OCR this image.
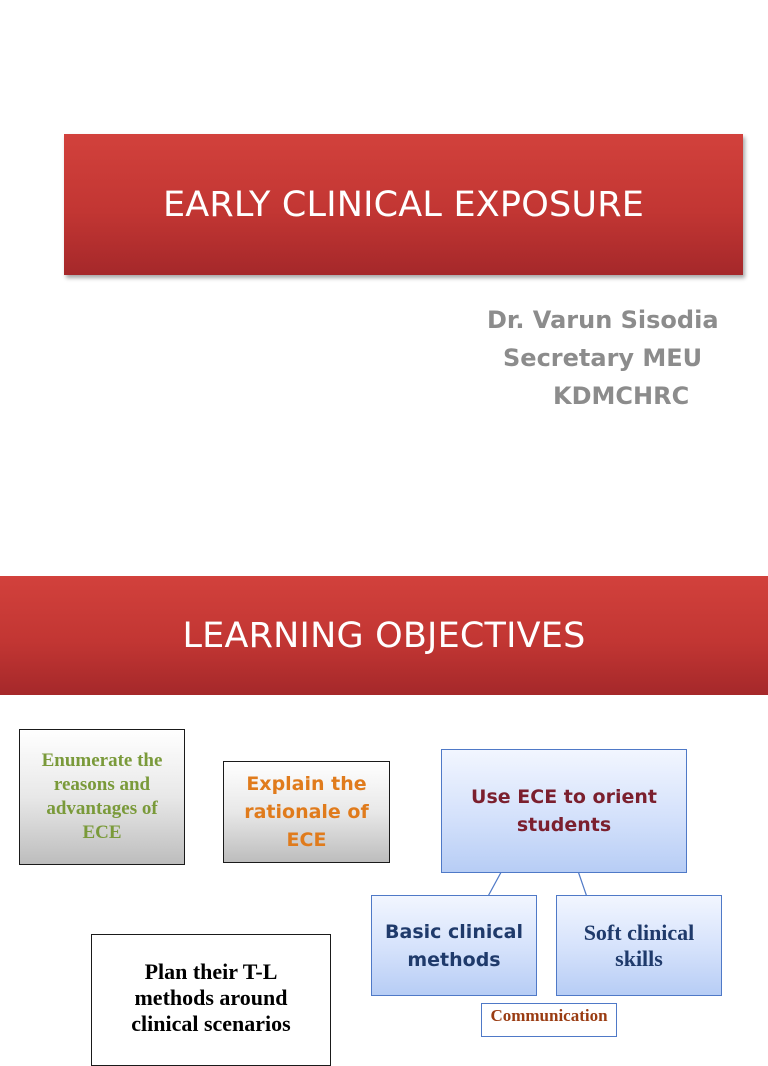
EARLY CLINICAL EXPOSURE
Dr. Varun Sisodia
Secretary MEU
KDMCHRC
LEARNING OBJECTIVES
Enumerate the reasons and advantages of ECE
Explain the rationale of ECE
Use ECE to orient students
Basic clinical methods
Soft clinical skills
Plan their T-L methods around clinical scenarios	Communication
